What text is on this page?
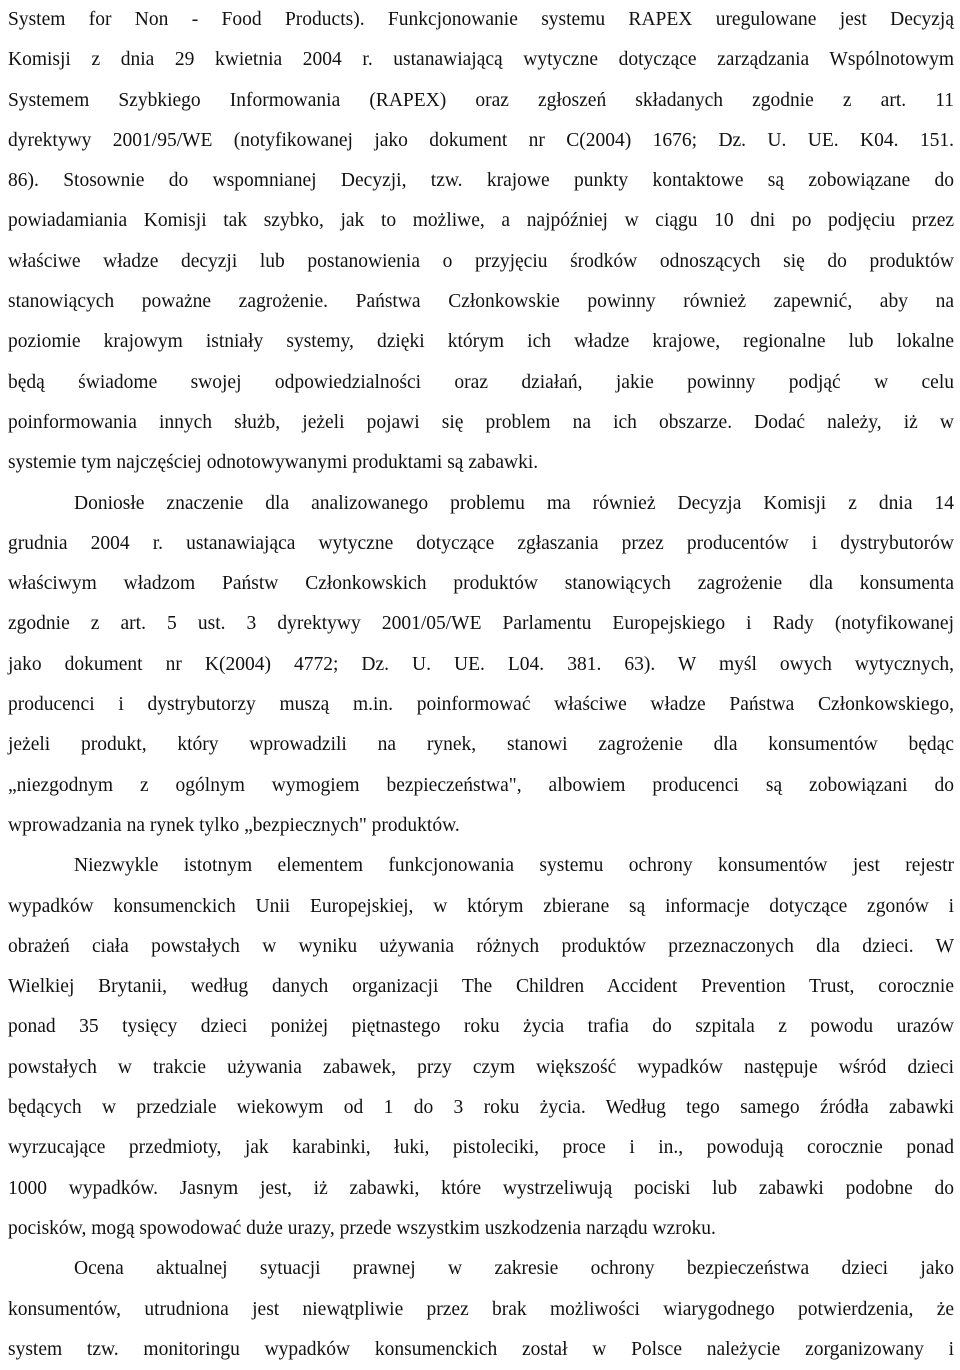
System for Non - Food Products). Funkcjonowanie systemu RAPEX uregulowane jest Decyzją
Komisji z dnia 29 kwietnia 2004 r. ustanawiającą wytyczne dotyczące zarządzania Wspólnotowym
Systemem Szybkiego Informowania (RAPEX) oraz zgłoszeń składanych zgodnie z art. 11
dyrektywy 2001/95/WE (notyfikowanej jako dokument nr C(2004) 1676; Dz. U. UE. K04. 151.
86). Stosownie do wspomnianej Decyzji, tzw. krajowe punkty kontaktowe są zobowiązane do
powiadamiania Komisji tak szybko, jak to możliwe, a najpóźniej w ciągu 10 dni po podjęciu przez
właściwe władze decyzji lub postanowienia o przyjęciu środków odnoszących się do produktów
stanowiących poważne zagrożenie. Państwa Członkowskie powinny również zapewnić, aby na
poziomie krajowym istniały systemy, dzięki którym ich władze krajowe, regionalne lub lokalne
będą świadome swojej odpowiedzialności oraz działań, jakie powinny podjąć w celu
poinformowania innych służb, jeżeli pojawi się problem na ich obszarze. Dodać należy, iż w
systemie tym najczęściej odnotowywanymi produktami są zabawki.
Doniosłe znaczenie dla analizowanego problemu ma również Decyzja Komisji z dnia 14
grudnia 2004 r. ustanawiająca wytyczne dotyczące zgłaszania przez producentów i dystrybutorów
właściwym władzom Państw Członkowskich produktów stanowiących zagrożenie dla konsumenta
zgodnie z art. 5 ust. 3 dyrektywy 2001/05/WE Parlamentu Europejskiego i Rady (notyfikowanej
jako dokument nr K(2004) 4772; Dz. U. UE. L04. 381. 63). W myśl owych wytycznych,
producenci i dystrybutorzy muszą m.in. poinformować właściwe władze Państwa Członkowskiego,
jeżeli produkt, który wprowadzili na rynek, stanowi zagrożenie dla konsumentów będąc
„niezgodnym z ogólnym wymogiem bezpieczeństwa", albowiem producenci są zobowiązani do
wprowadzania na rynek tylko „bezpiecznych" produktów.
Niezwykle istotnym elementem funkcjonowania systemu ochrony konsumentów jest rejestr
wypadków konsumenckich Unii Europejskiej, w którym zbierane są informacje dotyczące zgonów i
obrażeń ciała powstałych w wyniku używania różnych produktów przeznaczonych dla dzieci. W
Wielkiej Brytanii, według danych organizacji The Children Accident Prevention Trust, corocznie
ponad 35 tysięcy dzieci poniżej piętnastego roku życia trafia do szpitala z powodu urazów
powstałych w trakcie używania zabawek, przy czym większość wypadków następuje wśród dzieci
będących w przedziale wiekowym od 1 do 3 roku życia. Według tego samego źródła zabawki
wyrzucające przedmioty, jak karabinki, łuki, pistoleciki, proce i in., powodują corocznie ponad
1000 wypadków. Jasnym jest, iż zabawki, które wystrzeliwują pociski lub zabawki podobne do
pocisków, mogą spowodować duże urazy, przede wszystkim uszkodzenia narządu wzroku.
Ocena aktualnej sytuacji prawnej w zakresie ochrony bezpieczeństwa dzieci jako
konsumentów, utrudniona jest niewątpliwie przez brak możliwości wiarygodnego potwierdzenia, że
system tzw. monitoringu wypadków konsumenckich został w Polsce należycie zorganizowany i
